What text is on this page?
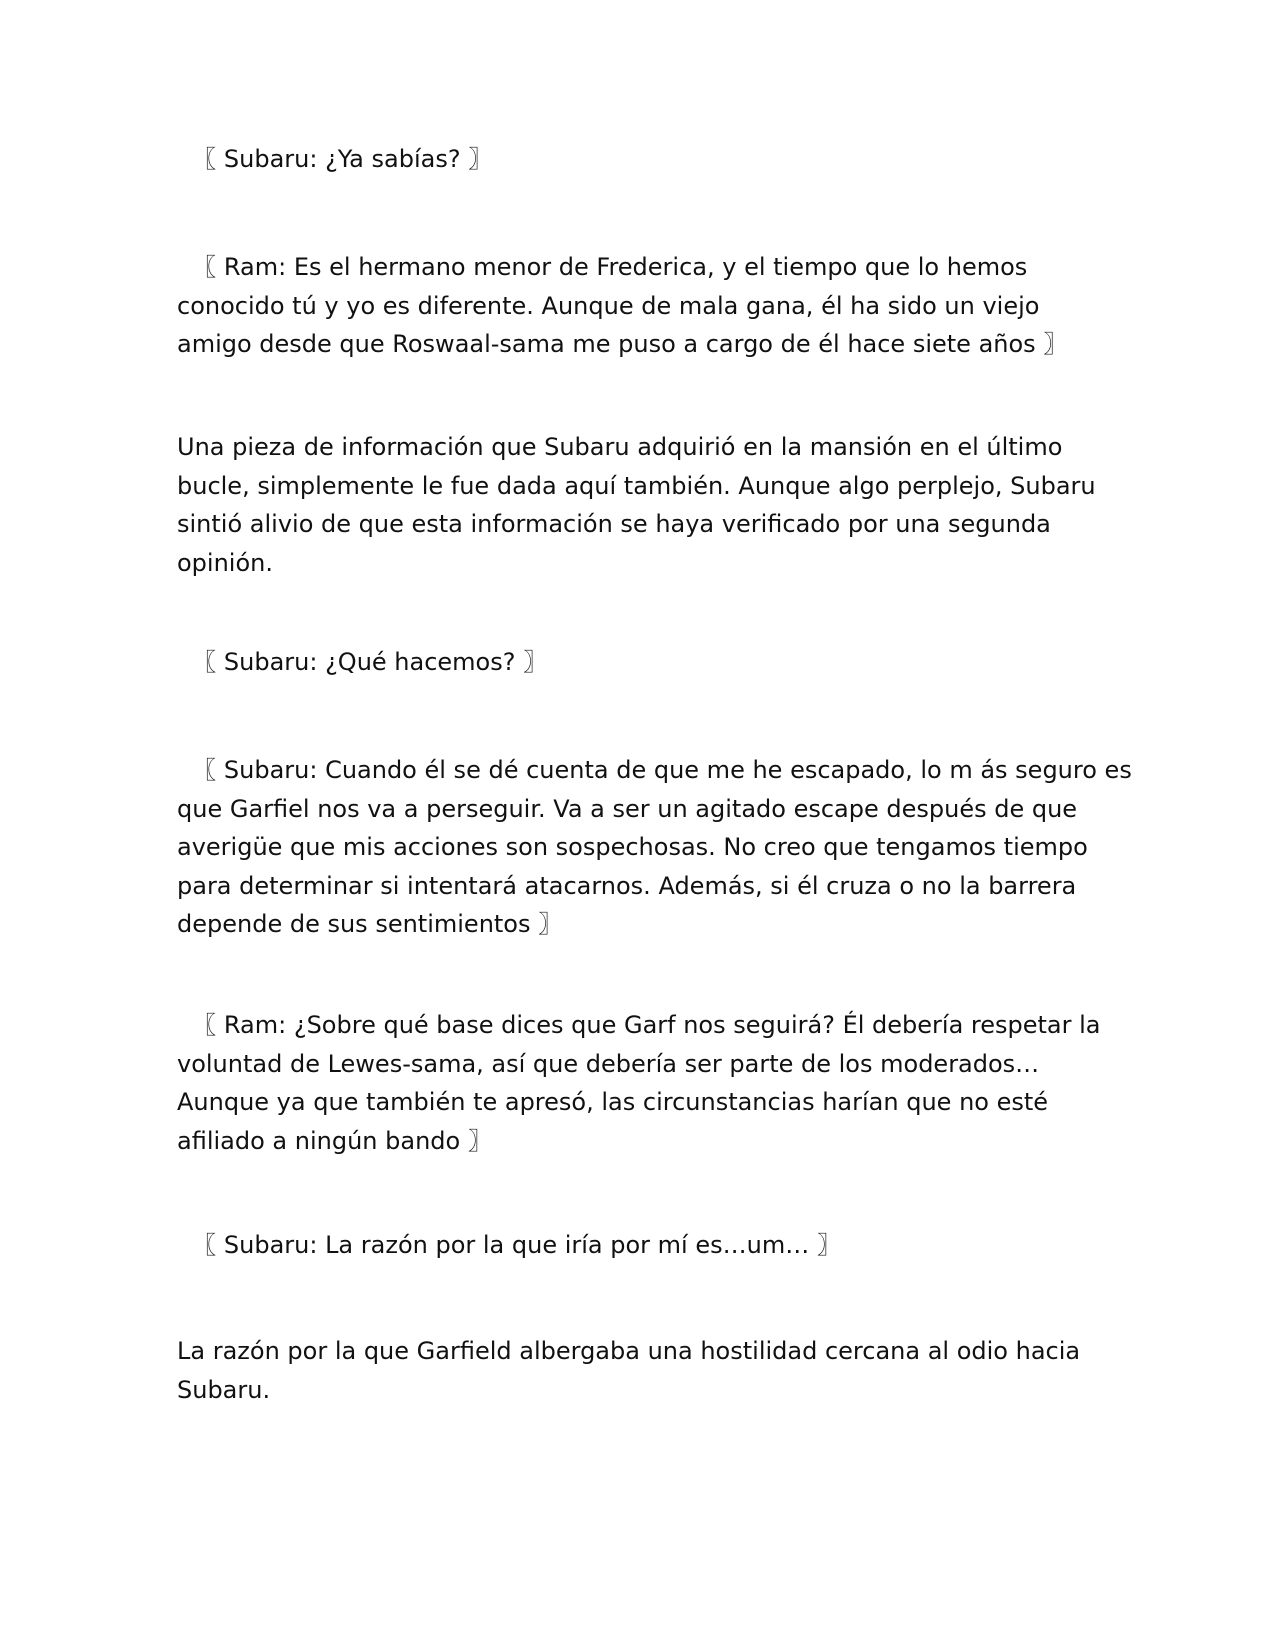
〖 Subaru: ¿Ya sabías? 〗

〖 Ram: Es el hermano menor de Frederica, y el tiempo que lo hemos
conocido tú y yo es diferente. Aunque de mala gana, él ha sido un viejo
amigo desde que Roswaal-sama me puso a cargo de él hace siete años 〗

Una pieza de información que Subaru adquirió en la mansión en el último
bucle, simplemente le fue dada aquí también. Aunque algo perplejo, Subaru
sintió alivio de que esta información se haya verificado por una segunda
opinión.

〖 Subaru: ¿Qué hacemos? 〗

〖 Subaru: Cuando él se dé cuenta de que me he escapado, lo m ás seguro es
que Garfiel nos va a perseguir. Va a ser un agitado escape después de que
averigüe que mis acciones son sospechosas. No creo que tengamos tiempo
para determinar si intentará atacarnos. Además, si él cruza o no la barrera
depende de sus sentimientos 〗

〖 Ram: ¿Sobre qué base dices que Garf nos seguirá? Él debería respetar la
voluntad de Lewes-sama, así que debería ser parte de los moderados…
Aunque ya que también te apresó, las circunstancias harían que no esté
afiliado a ningún bando 〗

〖 Subaru: La razón por la que iría por mí es…um… 〗

La razón por la que Garfield albergaba una hostilidad cercana al odio hacia
Subaru.
